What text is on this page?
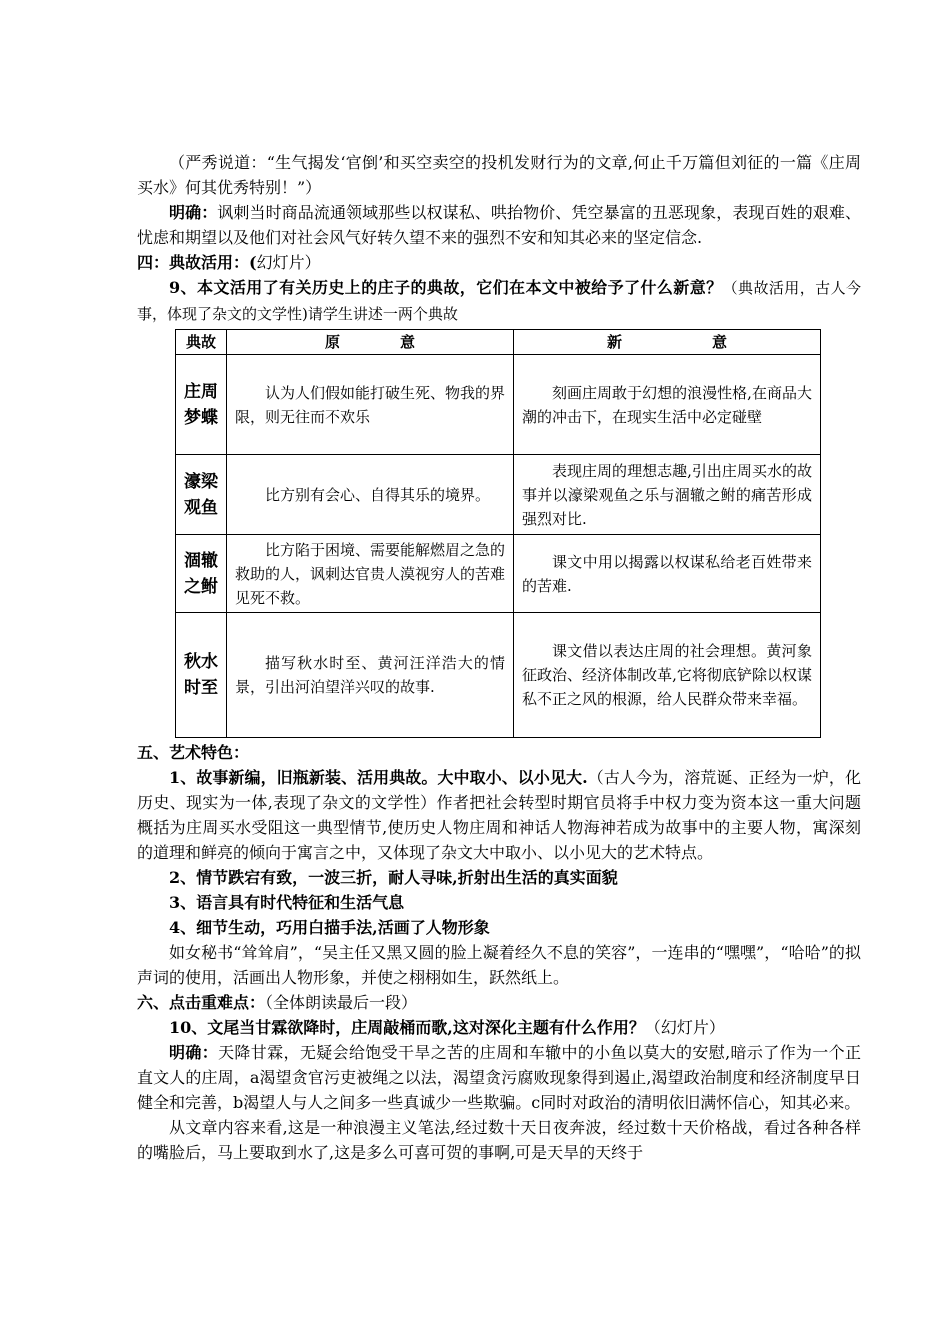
（严秀说道：“生气揭发‘官倒’和买空卖空的投机发财行为的文章,何止千万篇但刘征的一篇《庄周买水》何其优秀特别！”）

明确：讽刺当时商品流通领域那些以权谋私、哄抬物价、凭空暴富的丑恶现象，表现百姓的艰难、忧虑和期望以及他们对社会风气好转久望不来的强烈不安和知其必来的坚定信念.

四：典故活用：(幻灯片）

9、本文活用了有关历史上的庄子的典故，它们在本文中被给予了什么新意？（典故活用，古人今事，体现了杂文的文学性)请学生讲述一两个典故

典故	原　　　　意	新　　　　　　意
庄周梦蝶	认为人们假如能打破生死、物我的界限，则无往而不欢乐	刻画庄周敢于幻想的浪漫性格,在商品大潮的冲击下，在现实生活中必定碰壁
濠梁观鱼	比方别有会心、自得其乐的境界。	表现庄周的理想志趣,引出庄周买水的故事并以濠梁观鱼之乐与涸辙之鲋的痛苦形成强烈对比.
涸辙之鲋	比方陷于困境、需要能解燃眉之急的救助的人，讽刺达官贵人漠视穷人的苦难见死不救。	课文中用以揭露以权谋私给老百姓带来的苦难.
秋水时至	描写秋水时至、黄河汪洋浩大的情景，引出河泊望洋兴叹的故事.	课文借以表达庄周的社会理想。黄河象征政治、经济体制改革,它将彻底铲除以权谋私不正之风的根源，给人民群众带来幸福。

五、艺术特色：

1、故事新编，旧瓶新装、活用典故。大中取小、以小见大.（古人今为，溶荒诞、正经为一炉，化历史、现实为一体,表现了杂文的文学性）作者把社会转型时期官员将手中权力变为资本这一重大问题概括为庄周买水受阻这一典型情节,使历史人物庄周和神话人物海神若成为故事中的主要人物，寓深刻的道理和鲜亮的倾向于寓言之中，又体现了杂文大中取小、以小见大的艺术特点。

2、情节跌宕有致，一波三折，耐人寻味,折射出生活的真实面貌

3、语言具有时代特征和生活气息

4、细节生动，巧用白描手法,活画了人物形象

如女秘书“耸耸肩”，“吴主任又黑又圆的脸上凝着经久不息的笑容”，一连串的“嘿嘿”，“哈哈”的拟声词的使用，活画出人物形象，并使之栩栩如生，跃然纸上。

六、点击重难点：（全体朗读最后一段）

10、文尾当甘霖欲降时，庄周敲桶而歌,这对深化主题有什么作用？（幻灯片）

明确：天降甘霖，无疑会给饱受干旱之苦的庄周和车辙中的小鱼以莫大的安慰,暗示了作为一个正直文人的庄周，a渴望贪官污吏被绳之以法，渴望贪污腐败现象得到遏止,渴望政治制度和经济制度早日健全和完善，b渴望人与人之间多一些真诚少一些欺骗。c同时对政治的清明依旧满怀信心，知其必来。

从文章内容来看,这是一种浪漫主义笔法,经过数十天日夜奔波，经过数十天价格战，看过各种各样的嘴脸后，马上要取到水了,这是多么可喜可贺的事啊,可是天旱的天终于
